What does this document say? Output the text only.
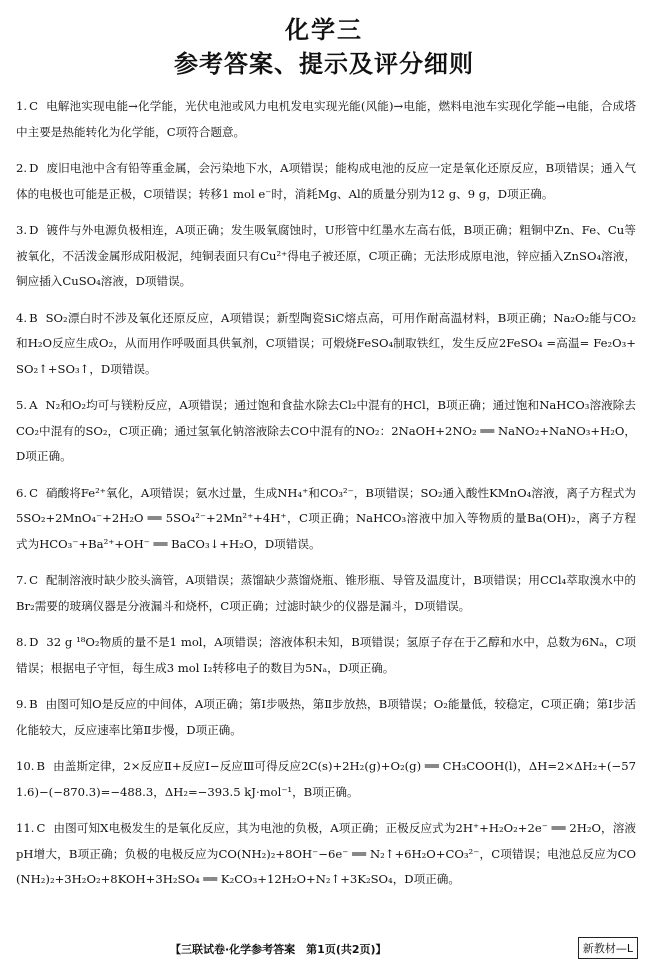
化学三
参考答案、提示及评分细则
1. C 电解池实现电能→化学能，光伏电池或风力电机发电实现光能(风能)→电能，燃料电池车实现化学能→电能，合成塔中主要是热能转化为化学能，C项符合题意。
2. D 废旧电池中含有铅等重金属，会污染地下水，A项错误；能构成电池的反应一定是氧化还原反应，B项错误；通入气体的电极也可能是正极，C项错误；转移1 mol e⁻时，消耗Mg、Al的质量分别为12 g、9 g，D项正确。
3. D 镀件与外电源负极相连，A项正确；发生吸氧腐蚀时，U形管中红墨水左高右低，B项正确；粗铜中Zn、Fe、Cu等被氧化，不活泼金属形成阳极泥，纯铜表面只有Cu²⁺得电子被还原，C项正确；无法形成原电池，锌应插入ZnSO₄溶液，铜应插入CuSO₄溶液，D项错误。
4. B SO₂漂白时不涉及氧化还原反应，A项错误；新型陶瓷SiC熔点高，可用作耐高温材料，B项正确；Na₂O₂能与CO₂和H₂O反应生成O₂，从而用作呼吸面具供氧剂，C项错误；可煅烧FeSO₄制取铁红，发生反应2FeSO₄ =高温= Fe₂O₃+SO₂↑+SO₃↑，D项错误。
5. A N₂和O₂均可与镁粉反应，A项错误；通过饱和食盐水除去Cl₂中混有的HCl，B项正确；通过饱和NaHCO₃溶液除去CO₂中混有的SO₂，C项正确；通过氢氧化钠溶液除去CO中混有的NO₂：2NaOH+2NO₂ ══ NaNO₂+NaNO₃+H₂O，D项正确。
6. C 硝酸将Fe²⁺氧化，A项错误；氨水过量，生成NH₄⁺和CO₃²⁻，B项错误；SO₂通入酸性KMnO₄溶液，离子方程式为5SO₂+2MnO₄⁻+2H₂O ══ 5SO₄²⁻+2Mn²⁺+4H⁺，C项正确；NaHCO₃溶液中加入等物质的量Ba(OH)₂，离子方程式为HCO₃⁻+Ba²⁺+OH⁻ ══ BaCO₃↓+H₂O，D项错误。
7. C 配制溶液时缺少胶头滴管，A项错误；蒸馏缺少蒸馏烧瓶、锥形瓶、导管及温度计，B项错误；用CCl₄萃取溴水中的Br₂需要的玻璃仪器是分液漏斗和烧杯，C项正确；过滤时缺少的仪器是漏斗，D项错误。
8. D 32 g ¹⁸O₂物质的量不是1 mol，A项错误；溶液体积未知，B项错误；氢原子存在于乙醇和水中，总数为6Nₐ，C项错误；根据电子守恒，每生成3 mol I₂转移电子的数目为5Nₐ，D项正确。
9. B 由图可知O是反应的中间体，A项正确；第Ⅰ步吸热，第Ⅱ步放热，B项错误；O₂能量低，较稳定，C项正确；第Ⅰ步活化能较大，反应速率比第Ⅱ步慢，D项正确。
10. B 由盖斯定律，2×反应Ⅱ+反应Ⅰ−反应Ⅲ可得反应2C(s)+2H₂(g)+O₂(g) ══ CH₃COOH(l)，ΔH=2×ΔH₂+(−571.6)−(−870.3)=−488.3，ΔH₂=−393.5 kJ·mol⁻¹，B项正确。
11. C 由图可知X电极发生的是氧化反应，其为电池的负极，A项正确；正极反应式为2H⁺+H₂O₂+2e⁻ ══ 2H₂O，溶液pH增大，B项正确；负极的电极反应为CO(NH₂)₂+8OH⁻−6e⁻ ══ N₂↑+6H₂O+CO₃²⁻，C项错误；电池总反应为CO(NH₂)₂+3H₂O₂+8KOH+3H₂SO₄ ══ K₂CO₃+12H₂O+N₂↑+3K₂SO₄，D项正确。
【三联试卷·化学参考答案　第1页(共2页)】	新教材—L
